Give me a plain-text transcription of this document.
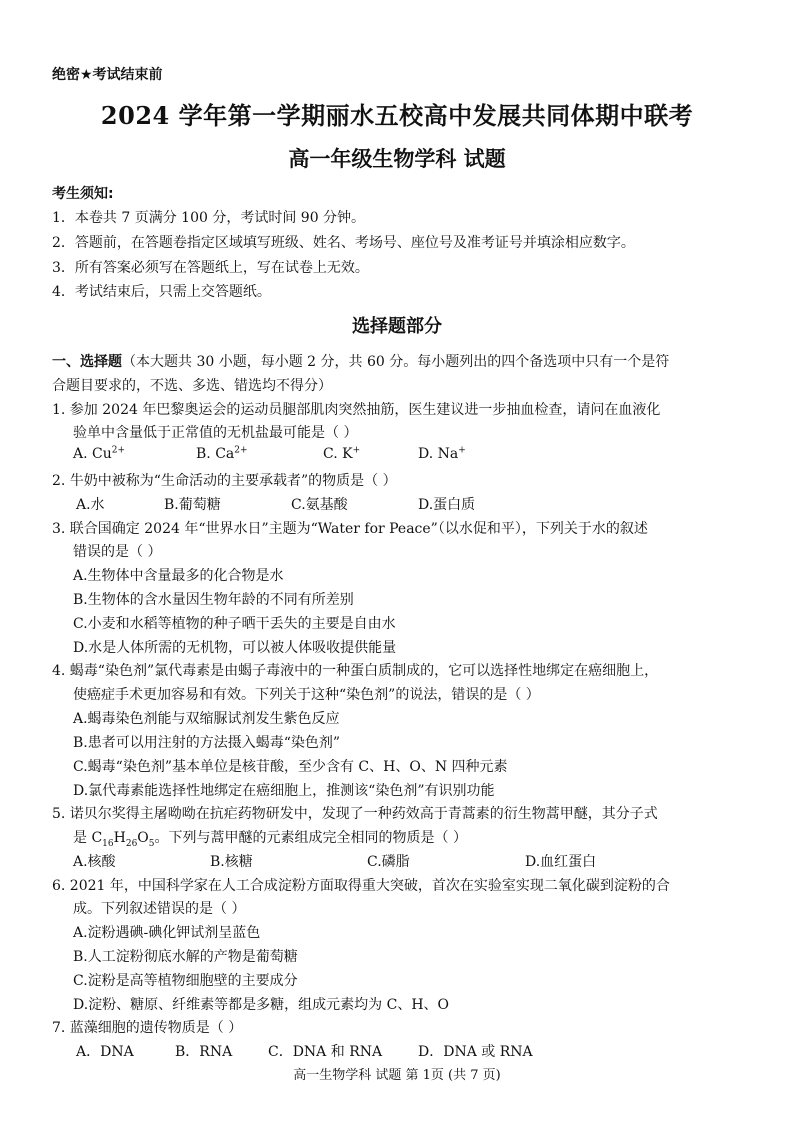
绝密★考试结束前
2024 学年第一学期丽水五校高中发展共同体期中联考
高一年级生物学科 试题
考生须知:
1．本卷共 7 页满分 100 分，考试时间 90 分钟。
2．答题前，在答题卷指定区域填写班级、姓名、考场号、座位号及准考证号并填涂相应数字。
3．所有答案必须写在答题纸上，写在试卷上无效。
4．考试结束后，只需上交答题纸。
选择题部分
一、选择题（本大题共 30 小题，每小题 2 分，共 60 分。每小题列出的四个备选项中只有一个是符
合题目要求的，不选、多选、错选均不得分）
1. 参加 2024 年巴黎奥运会的运动员腿部肌肉突然抽筋，医生建议进一步抽血检查，请问在血液化
验单中含量低于正常值的无机盐最可能是（ ）
A. $Cu^{2+}$	B. $Ca^{2+}$	C. K+	D. Na+
2. 牛奶中被称为“生命活动的主要承载者”的物质是（ ）
A.水	B.葡萄糖	C.氨基酸	D.蛋白质
3. 联合国确定 2024 年“世界水日”主题为“Water for Peace”（以水促和平），下列关于水的叙述
错误的是（ ）
A.生物体中含量最多的化合物是水
B.生物体的含水量因生物年龄的不同有所差别
C.小麦和水稻等植物的种子晒干丢失的主要是自由水
D.水是人体所需的无机物，可以被人体吸收提供能量
4. 蝎毒“染色剂”氯代毒素是由蝎子毒液中的一种蛋白质制成的，它可以选择性地绑定在癌细胞上，
使癌症手术更加容易和有效。下列关于这种“染色剂”的说法，错误的是（ ）
A.蝎毒染色剂能与双缩脲试剂发生紫色反应
B.患者可以用注射的方法摄入蝎毒“染色剂”
C.蝎毒“染色剂”基本单位是核苷酸，至少含有 C、H、O、N 四种元素
D.氯代毒素能选择性地绑定在癌细胞上，推测该“染色剂”有识别功能
5. 诺贝尔奖得主屠呦呦在抗疟药物研发中，发现了一种药效高于青蒿素的衍生物蒿甲醚，其分子式
是 $C_{16}H_{26}O_5$。下列与蒿甲醚的元素组成完全相同的物质是（ ）
A.核酸	B.核糖	C.磷脂	D.血红蛋白
6. 2021 年，中国科学家在人工合成淀粉方面取得重大突破，首次在实验室实现二氧化碳到淀粉的合
成。下列叙述错误的是（ ）
A.淀粉遇碘-碘化钾试剂呈蓝色
B.人工淀粉彻底水解的产物是葡萄糖
C.淀粉是高等植物细胞壁的主要成分
D.淀粉、糖原、纤维素等都是多糖，组成元素均为 C、H、O
7. 蓝藻细胞的遗传物质是（ ）
A．DNA	B．RNA	C．DNA 和 RNA	D．DNA 或 RNA
高一生物学科 试题 第 1页 (共 7 页)
